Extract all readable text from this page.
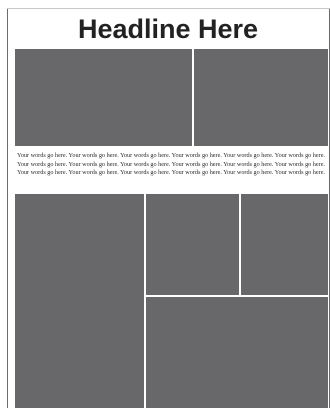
Headline Here
Your words go here. Your words go here. Your words go here. Your words go here. Your words go here. Your words go here. Your words go here. Your words go here. Your words go here. Your words go here. Your words go here. Your words go here. Your words go here. Your words go here. Your words go here. Your words go here. Your words go here. Your words go here.
